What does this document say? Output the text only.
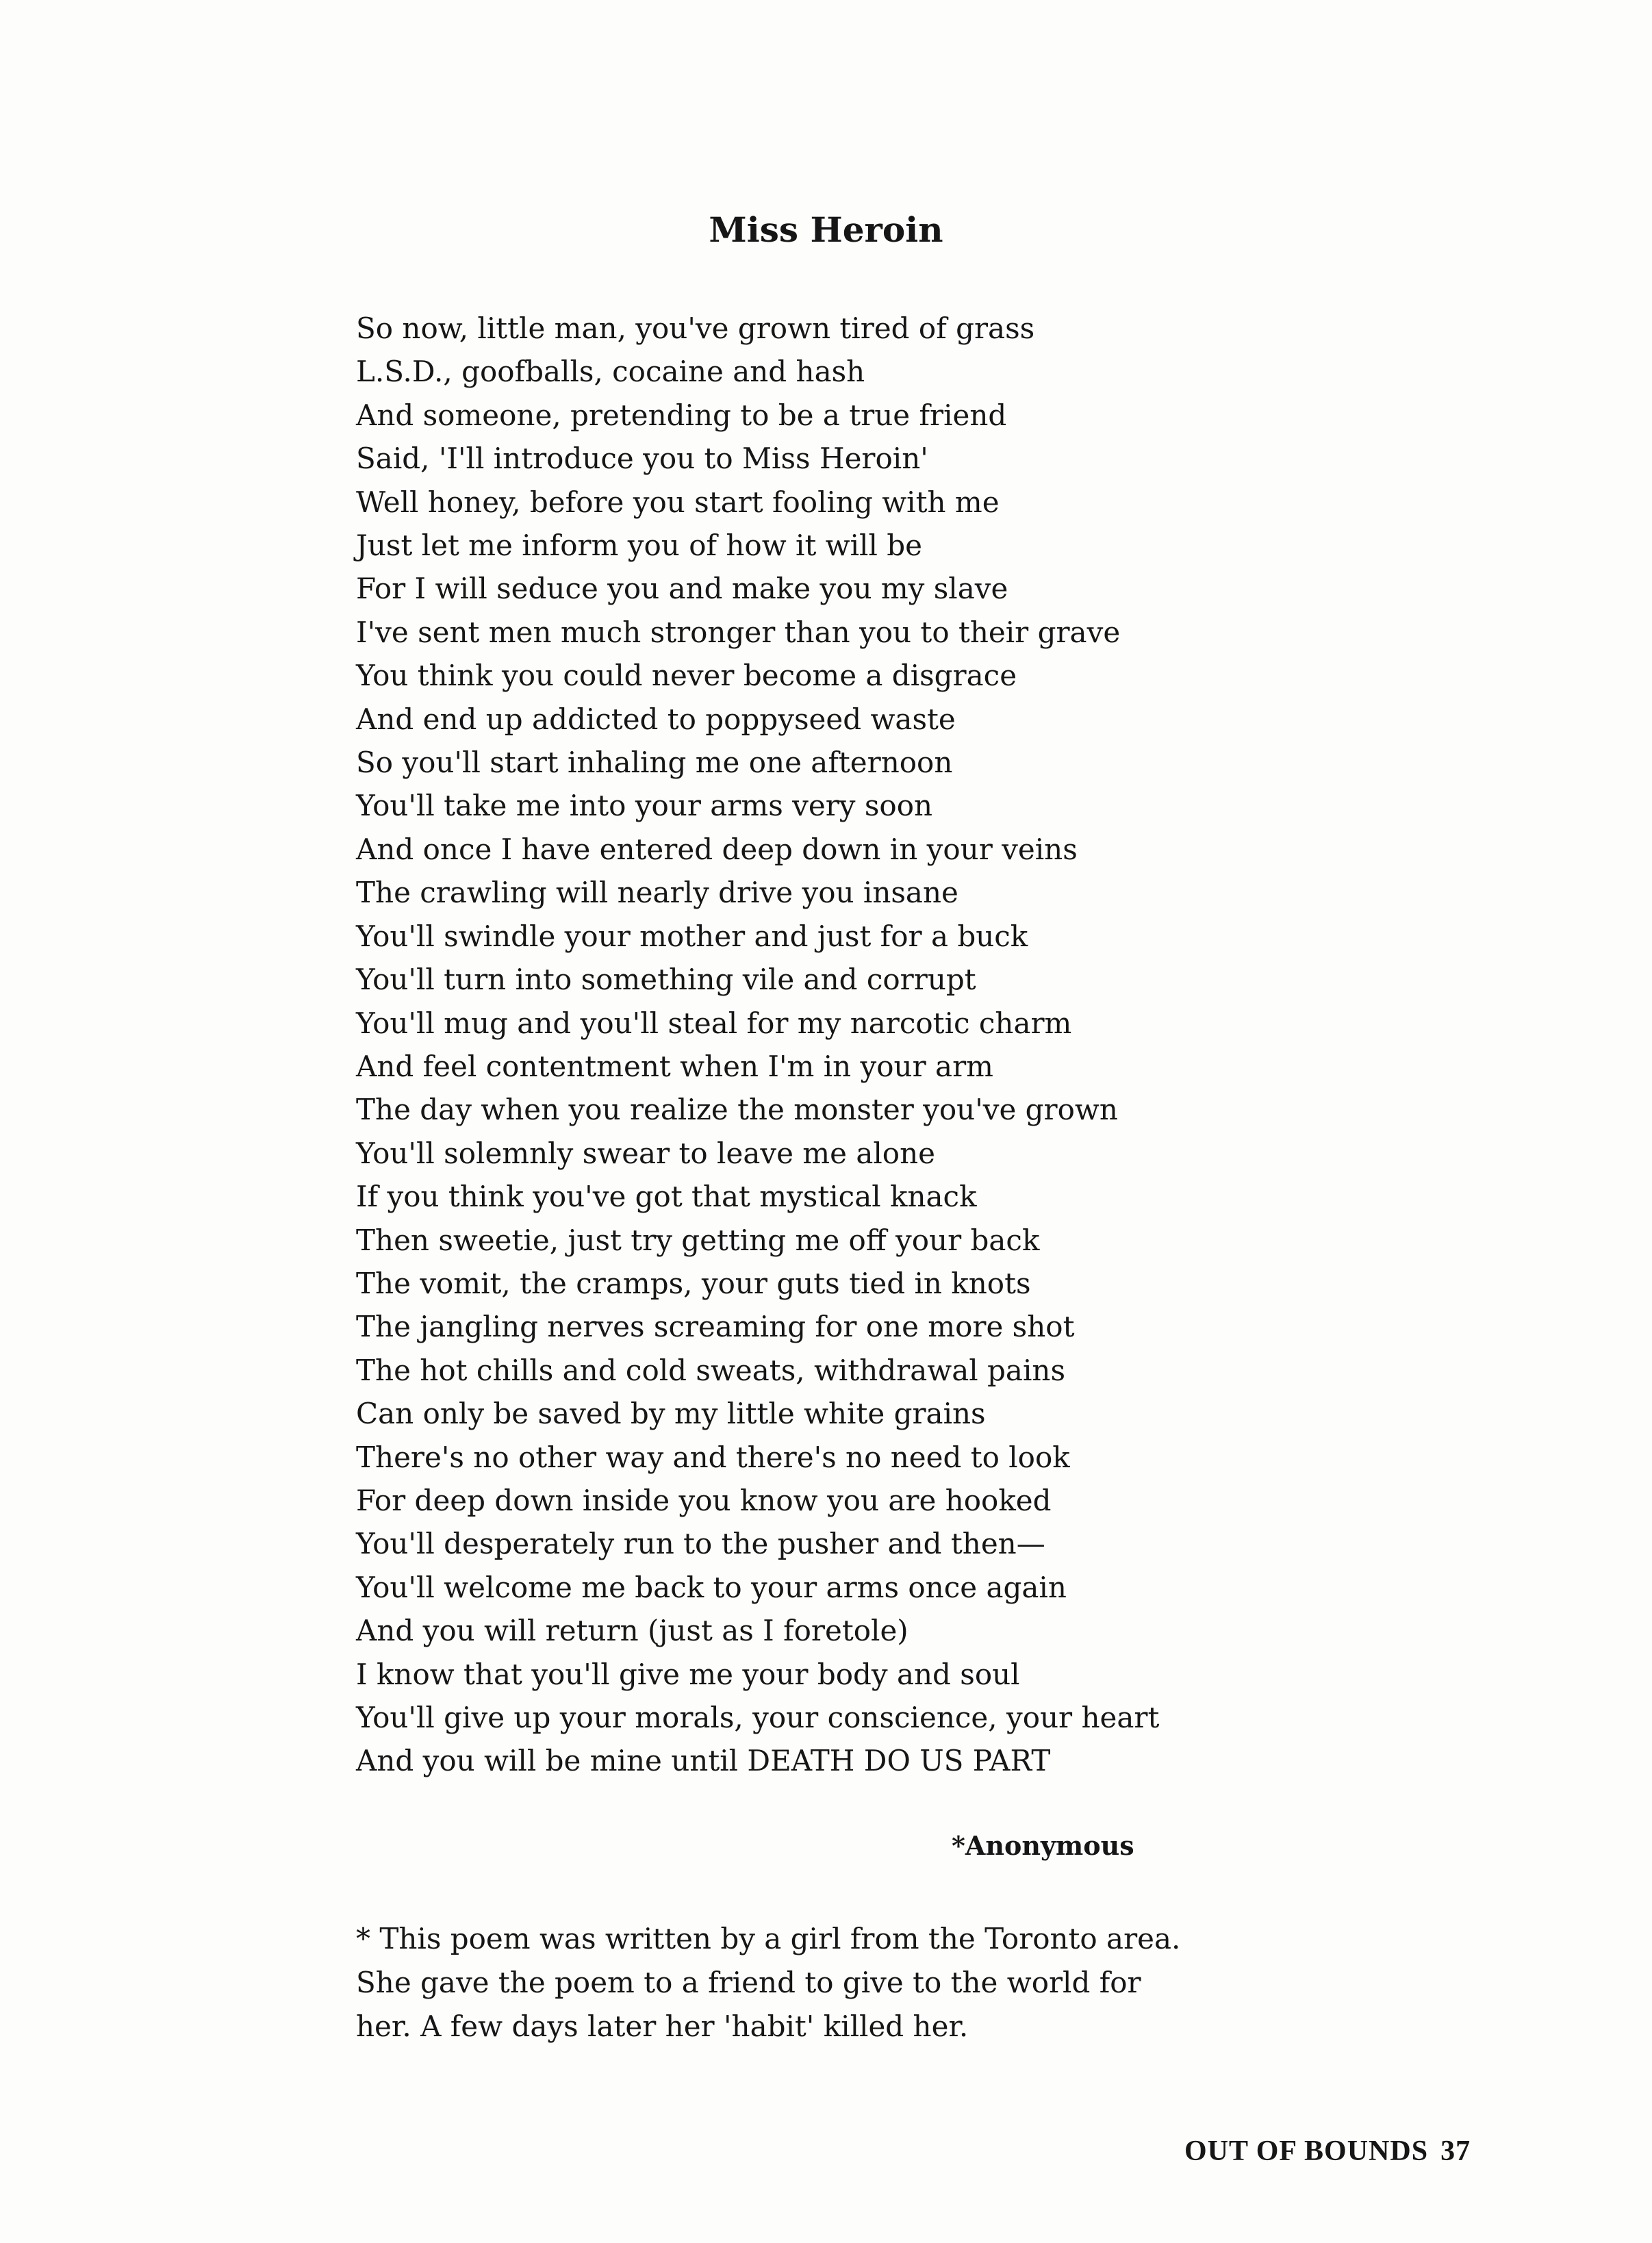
Miss Heroin
So now, little man, you've grown tired of grass
L.S.D., goofballs, cocaine and hash
And someone, pretending to be a true friend
Said, 'I'll introduce you to Miss Heroin'
Well honey, before you start fooling with me
Just let me inform you of how it will be
For I will seduce you and make you my slave
I've sent men much stronger than you to their grave
You think you could never become a disgrace
And end up addicted to poppyseed waste
So you'll start inhaling me one afternoon
You'll take me into your arms very soon
And once I have entered deep down in your veins
The crawling will nearly drive you insane
You'll swindle your mother and just for a buck
You'll turn into something vile and corrupt
You'll mug and you'll steal for my narcotic charm
And feel contentment when I'm in your arm
The day when you realize the monster you've grown
You'll solemnly swear to leave me alone
If you think you've got that mystical knack
Then sweetie, just try getting me off your back
The vomit, the cramps, your guts tied in knots
The jangling nerves screaming for one more shot
The hot chills and cold sweats, withdrawal pains
Can only be saved by my little white grains
There's no other way and there's no need to look
For deep down inside you know you are hooked
You'll desperately run to the pusher and then—
You'll welcome me back to your arms once again
And you will return (just as I foretole)
I know that you'll give me your body and soul
You'll give up your morals, your conscience, your heart
And you will be mine until DEATH DO US PART
*Anonymous
* This poem was written by a girl from the Toronto area.
She gave the poem to a friend to give to the world for
her. A few days later her 'habit' killed her.
OUT OF BOUNDS 37
